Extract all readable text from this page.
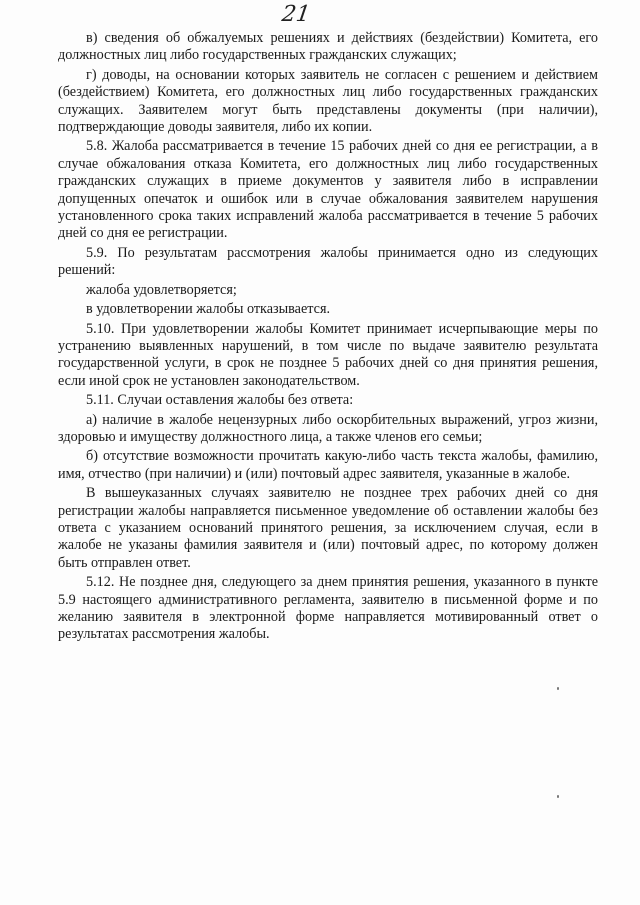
21

в) сведения об обжалуемых решениях и действиях (бездействии) Комитета, его должностных лиц либо государственных гражданских служащих;

г) доводы, на основании которых заявитель не согласен с решением и действием (бездействием) Комитета, его должностных лиц либо государственных гражданских служащих. Заявителем могут быть представлены документы (при наличии), подтверждающие доводы заявителя, либо их копии.

5.8. Жалоба рассматривается в течение 15 рабочих дней со дня ее регистрации, а в случае обжалования отказа Комитета, его должностных лиц либо государственных гражданских служащих в приеме документов у заявителя либо в исправлении допущенных опечаток и ошибок или в случае обжалования заявителем нарушения установленного срока таких исправлений жалоба рассматривается в течение 5 рабочих дней со дня ее регистрации.

5.9. По результатам рассмотрения жалобы принимается одно из следующих решений:

жалоба удовлетворяется;

в удовлетворении жалобы отказывается.

5.10. При удовлетворении жалобы Комитет принимает исчерпывающие меры по устранению выявленных нарушений, в том числе по выдаче заявителю результата государственной услуги, в срок не позднее 5 рабочих дней со дня принятия решения, если иной срок не установлен законодательством.

5.11. Случаи оставления жалобы без ответа:

а) наличие в жалобе нецензурных либо оскорбительных выражений, угроз жизни, здоровью и имуществу должностного лица, а также членов его семьи;

б) отсутствие возможности прочитать какую-либо часть текста жалобы, фамилию, имя, отчество (при наличии) и (или) почтовый адрес заявителя, указанные в жалобе.

В вышеуказанных случаях заявителю не позднее трех рабочих дней со дня регистрации жалобы направляется письменное уведомление об оставлении жалобы без ответа с указанием оснований принятого решения, за исключением случая, если в жалобе не указаны фамилия заявителя и (или) почтовый адрес, по которому должен быть отправлен ответ.

5.12. Не позднее дня, следующего за днем принятия решения, указанного в пункте 5.9 настоящего административного регламента, заявителю в письменной форме и по желанию заявителя в электронной форме направляется мотивированный ответ о результатах рассмотрения жалобы.
